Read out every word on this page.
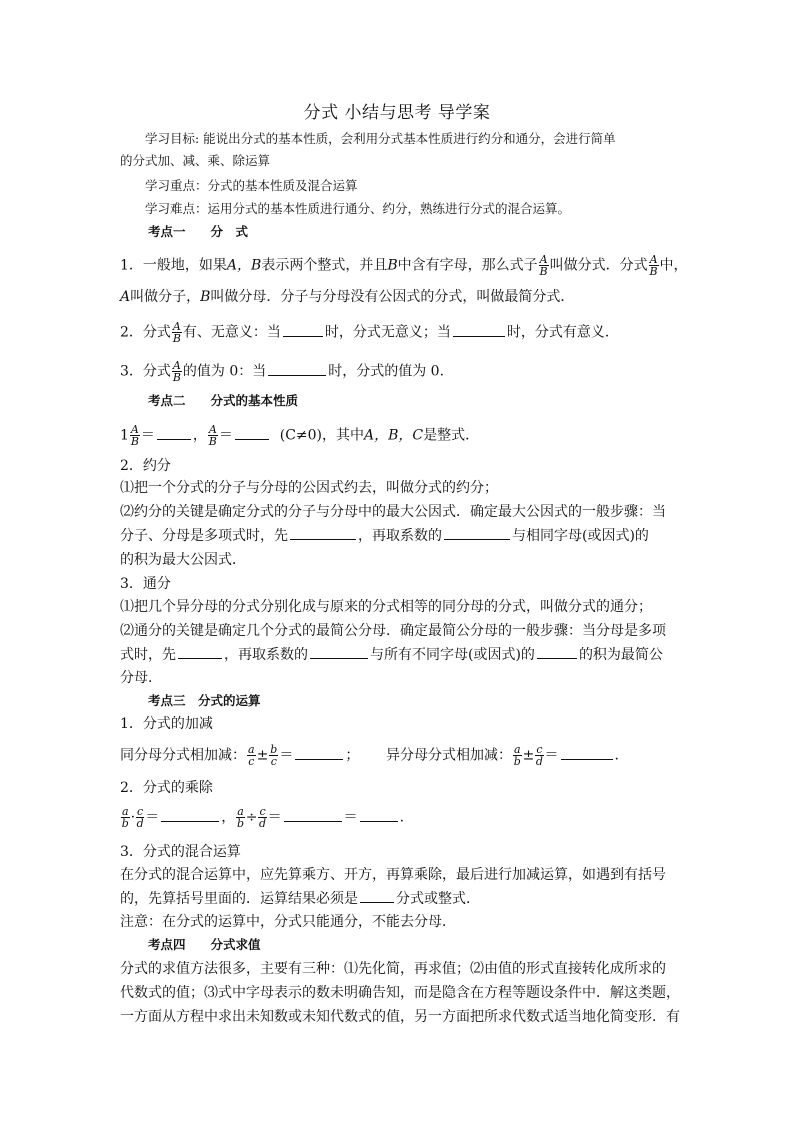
分式 小结与思考 导学案
学习目标: 能说出分式的基本性质，会利用分式基本性质进行约分和通分，会进行简单
的分式加、减、乘、除运算
学习重点：分式的基本性质及混合运算
学习难点：运用分式的基本性质进行通分、约分，熟练进行分式的混合运算。
考点一　　分　式
1．一般地，如果A，B表示两个整式，并且B中含有字母，那么式子 $\frac{A}{B}$ 叫做分式．分式 $\frac{A}{B}$ 中，
A叫做分子，B叫做分母．分子与分母没有公因式的分式，叫做最简分式．
2．分式 $\frac{A}{B}$ 有、无意义：当	时，分式无意义；当	时，分式有意义．
3．分式 $\frac{A}{B}$ 的值为 0：当	时，分式的值为 0.
考点二　　分式的基本性质
$1 \frac{A}{B}$ ＝	， $\frac{A}{B}$ ＝	(C≠0)，其中A，B，C是整式．
2．约分
⑴把一个分式的分子与分母的公因式约去，叫做分式的约分；
⑵约分的关键是确定分式的分子与分母中的最大公因式．确定最大公因式的一般步骤：当
分子、分母是多项式时，先	，再取系数的	与相同字母(或因式)的
的积为最大公因式．
3．通分
⑴把几个异分母的分式分别化成与原来的分式相等的同分母的分式，叫做分式的通分；
⑵通分的关键是确定几个分式的最简公分母．确定最简公分母的一般步骤：当分母是多项
式时，先	，再取系数的	与所有不同字母(或因式)的	的积为最简公
分母．
考点三　分式的运算
1．分式的加减
同分母分式相加减： $\frac{a}{c} \pm \frac{b}{c}$ ＝	； 异分母分式相加减： $\frac{a}{b} \pm \frac{c}{d}$ ＝	.
2．分式的乘除
$\frac{a}{b} \cdot \frac{c}{d}$ ＝	， $\frac{a}{b} \div \frac{c}{d}$ ＝	＝	.
3．分式的混合运算
在分式的混合运算中，应先算乘方、开方，再算乘除，最后进行加减运算，如遇到有括号
的，先算括号里面的．运算结果必须是	分式或整式．
注意：在分式的运算中，分式只能通分，不能去分母．
考点四　　分式求值
分式的求值方法很多，主要有三种：⑴先化简，再求值；⑵由值的形式直接转化成所求的
代数式的值；⑶式中字母表示的数未明确告知，而是隐含在方程等题设条件中．解这类题，
一方面从方程中求出未知数或未知代数式的值，另一方面把所求代数式适当地化简变形．有
